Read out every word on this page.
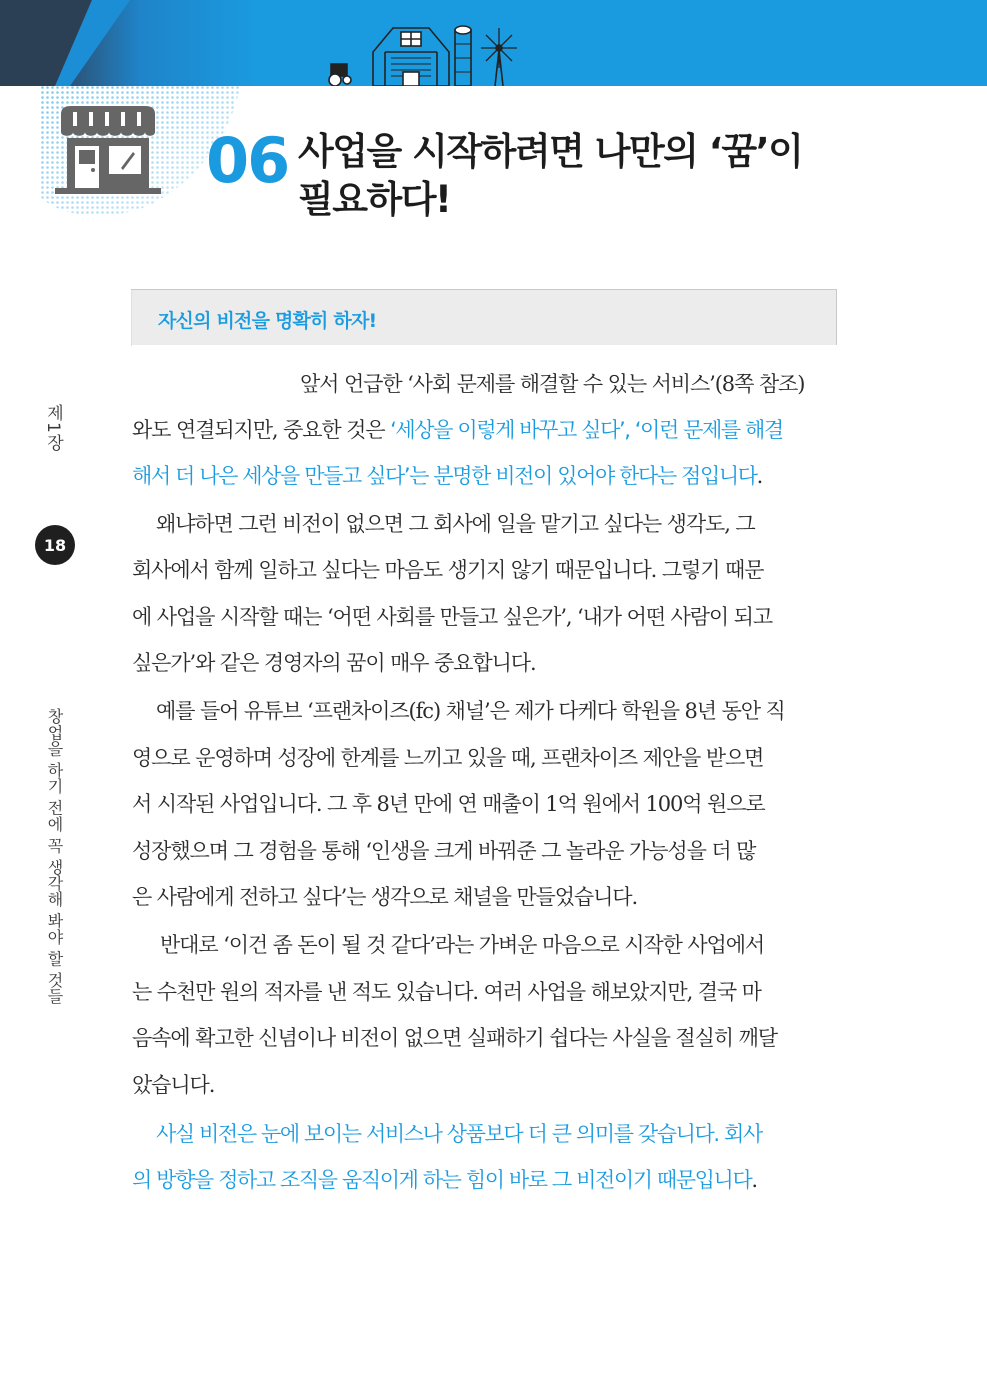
06 사업을 시작하려면 나만의 ‘꿈’이
필요하다!
자신의 비전을 명확히 하자!
제1장
18
창업을 하기 전에 꼭 생각해 봐야 할 것들
앞서 언급한 ‘사회 문제를 해결할 수 있는 서비스’(8쪽 참조)
와도 연결되지만, 중요한 것은 ‘세상을 이렇게 바꾸고 싶다’, ‘이런 문제를 해결
해서 더 나은 세상을 만들고 싶다’는 분명한 비전이 있어야 한다는 점입니다.
왜냐하면 그런 비전이 없으면 그 회사에 일을 맡기고 싶다는 생각도, 그
회사에서 함께 일하고 싶다는 마음도 생기지 않기 때문입니다. 그렇기 때문
에 사업을 시작할 때는 ‘어떤 사회를 만들고 싶은가’, ‘내가 어떤 사람이 되고
싶은가’와 같은 경영자의 꿈이 매우 중요합니다.
예를 들어 유튜브 ‘프랜차이즈(fc) 채널’은 제가 다케다 학원을 8년 동안 직
영으로 운영하며 성장에 한계를 느끼고 있을 때, 프랜차이즈 제안을 받으면
서 시작된 사업입니다. 그 후 8년 만에 연 매출이 1억 원에서 100억 원으로
성장했으며 그 경험을 통해 ‘인생을 크게 바꿔준 그 놀라운 가능성을 더 많
은 사람에게 전하고 싶다’는 생각으로 채널을 만들었습니다.
반대로 ‘이건 좀 돈이 될 것 같다’라는 가벼운 마음으로 시작한 사업에서
는 수천만 원의 적자를 낸 적도 있습니다. 여러 사업을 해보았지만, 결국 마
음속에 확고한 신념이나 비전이 없으면 실패하기 쉽다는 사실을 절실히 깨달
았습니다.
사실 비전은 눈에 보이는 서비스나 상품보다 더 큰 의미를 갖습니다. 회사
의 방향을 정하고 조직을 움직이게 하는 힘이 바로 그 비전이기 때문입니다.
